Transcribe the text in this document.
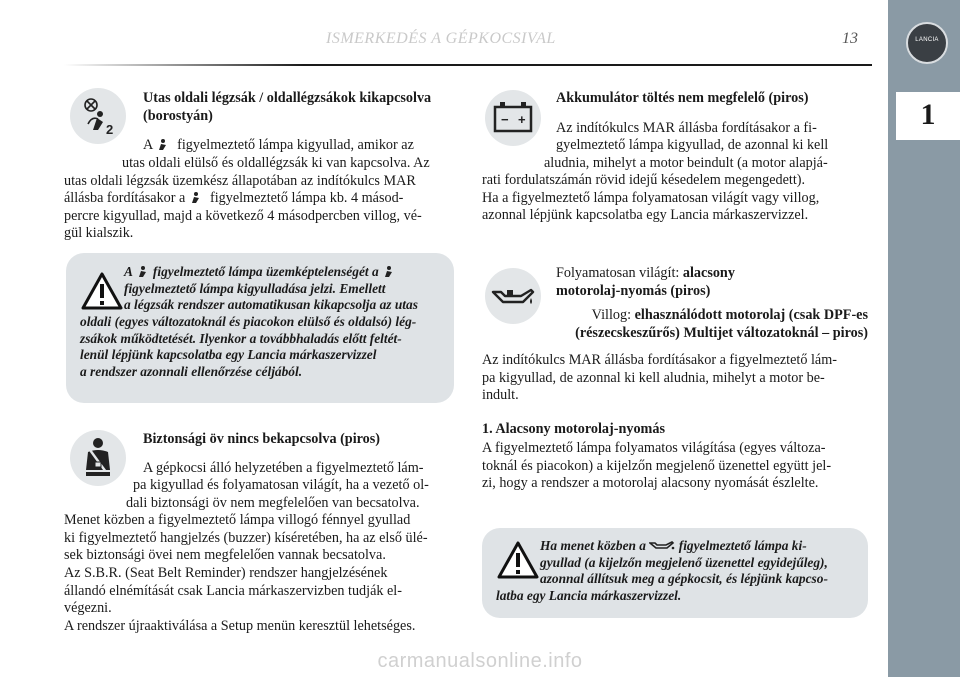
ISMERKEDÉS A GÉPKOCSIVAL	13	LANCIA
1
2

Utas oldali légzsák / oldallégzsákok kikapcsolva

(borostyán)

A figyelmeztető lámpa kigyullad, amikor az

utas oldali elülső és oldallégzsák ki van kapcsolva. Az

utas oldali légzsák üzemkész állapotában az indítókulcs MAR

állásba fordításakor a figyelmeztető lámpa kb. 4 másod-

percre kigyullad, majd a következő 4 másodpercben villog, vé-

gül kialszik.

A figyelmeztető lámpa üzemképtelenségét a

figyelmeztető lámpa kigyulladása jelzi. Emellett

a légzsák rendszer automatikusan kikapcsolja az utas

oldali (egyes változatoknál és piacokon elülső és oldalsó) lég-

zsákok működtetését. Ilyenkor a továbbhaladás előtt feltét-

lenül lépjünk kapcsolatba egy Lancia márkaszervizzel

a rendszer azonnali ellenőrzése céljából.

Biztonsági öv nincs bekapcsolva (piros)

A gépkocsi álló helyzetében a figyelmeztető lám-

pa kigyullad és folyamatosan világít, ha a vezető ol-

dali biztonsági öv nem megfelelően van becsatolva.

Menet közben a figyelmeztető lámpa villogó fénnyel gyullad

ki figyelmeztető hangjelzés (buzzer) kíséretében, ha az első ülé-

sek biztonsági övei nem megfelelően vannak becsatolva.

Az S.B.R. (Seat Belt Reminder) rendszer hangjelzésének

állandó elnémítását csak Lancia márkaszervizben tudják el-

végezni.

A rendszer újraaktiválása a Setup menün keresztül lehetséges.

− +
Akkumulátor töltés nem megfelelő (piros)

Az indítókulcs MAR állásba fordításakor a fi-

gyelmeztető lámpa kigyullad, de azonnal ki kell

aludnia, mihelyt a motor beindult (a motor alapjá-

rati fordulatszámán rövid idejű késedelem megengedett).

Ha a figyelmeztető lámpa folyamatosan világít vagy villog,

azonnal lépjünk kapcsolatba egy Lancia márkaszervizzel.

Folyamatosan világít: alacsony

motorolaj-nyomás (piros)

Villog: elhasználódott motorolaj (csak DPF-es

(részecskeszűrős) Multijet változatoknál – piros)

Az indítókulcs MAR állásba fordításakor a figyelmeztető lám-

pa kigyullad, de azonnal ki kell aludnia, mihelyt a motor be-

indult.

1. Alacsony motorolaj-nyomás

A figyelmeztető lámpa folyamatos világítása (egyes változa-

toknál és piacokon) a kijelzőn megjelenő üzenettel együtt jel-

zi, hogy a rendszer a motorolaj alacsony nyomását észlelte.

Ha menet közben a figyelmeztető lámpa ki-

gyullad (a kijelzőn megjelenő üzenettel egyidejűleg),

azonnal állítsuk meg a gépkocsit, és lépjünk kapcso-

latba egy Lancia márkaszervizzel.

carmanualsonline.info
